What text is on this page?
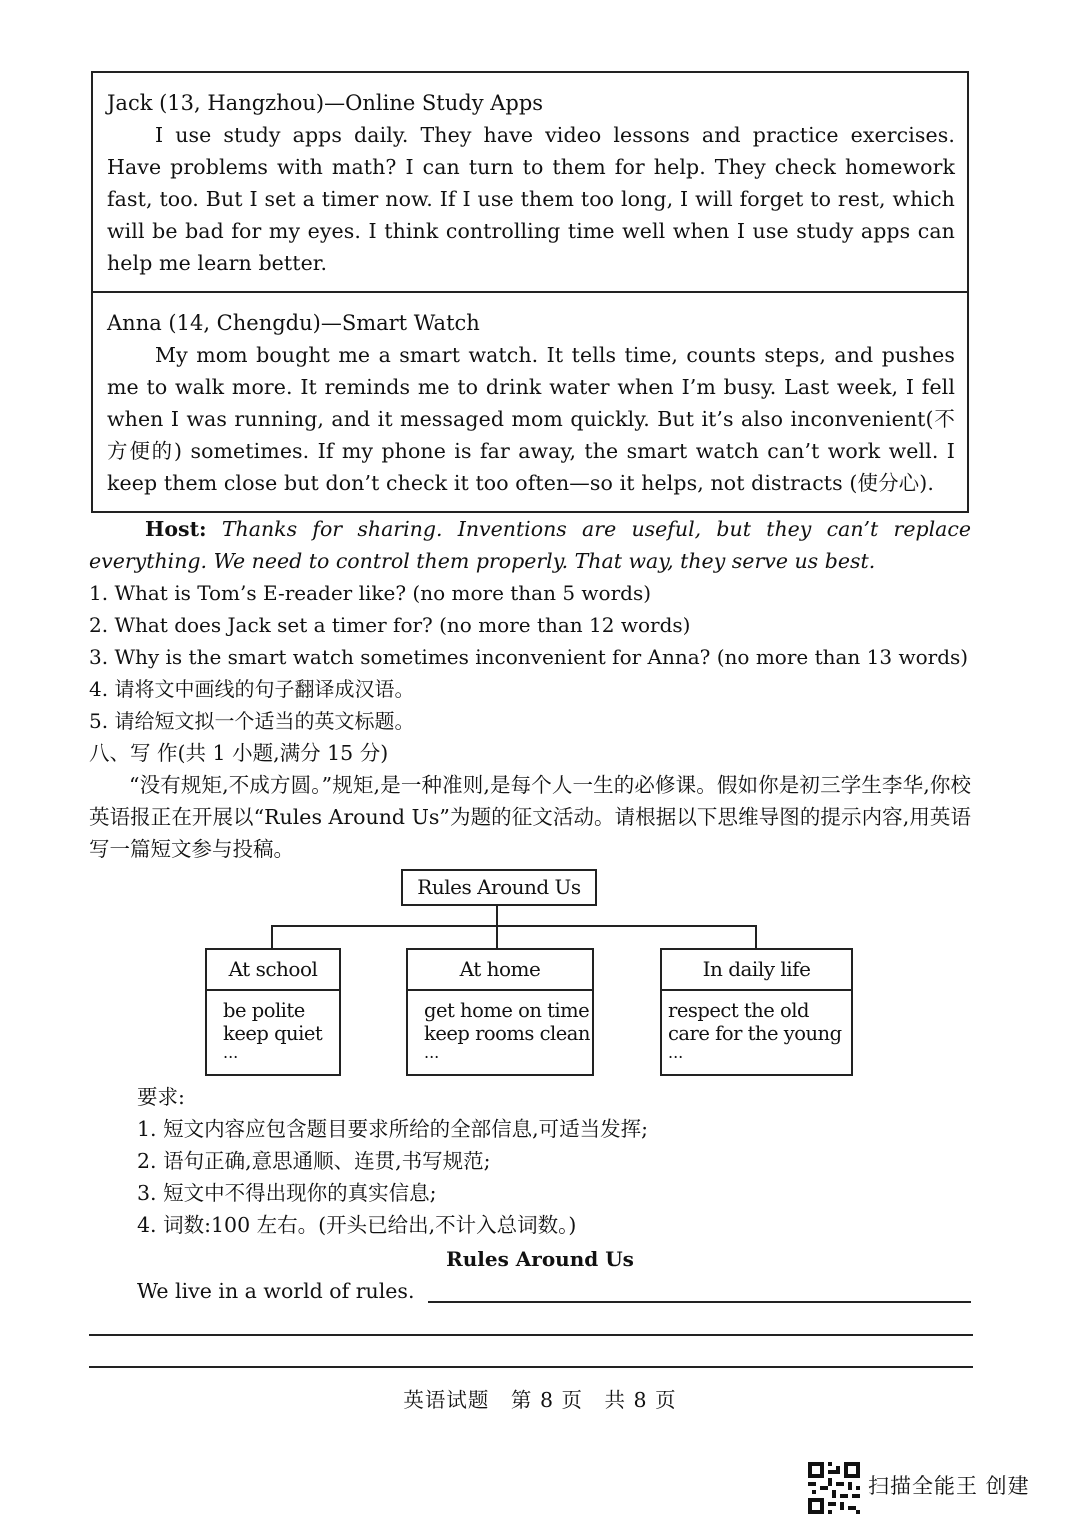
Jack (13, Hangzhou)—Online Study Apps
I use study apps daily. They have video lessons and practice exercises. Have problems with math? I can turn to them for help. They check homework fast, too. But I set a timer now. If I use them too long, I will forget to rest, which will be bad for my eyes. I think controlling time well when I use study apps can help me learn better.
Anna (14, Chengdu)—Smart Watch
My mom bought me a smart watch. It tells time, counts steps, and pushes me to walk more. It reminds me to drink water when I’m busy. Last week, I fell when I was running, and it messaged mom quickly. But it’s also inconvenient(不方便的) sometimes. If my phone is far away, the smart watch can’t work well. I keep them close but don’t check it too often—so it helps, not distracts (使分心).
Host: Thanks for sharing. Inventions are useful, but they can’t replace everything. We need to control them properly. That way, they serve us best.
1. What is Tom’s E-reader like? (no more than 5 words)
2. What does Jack set a timer for? (no more than 12 words)
3. Why is the smart watch sometimes inconvenient for Anna? (no more than 13 words)
4. 请将文中画线的句子翻译成汉语。
5. 请给短文拟一个适当的英文标题。
八、写 作(共 1 小题,满分 15 分)
“没有规矩,不成方圆。”规矩,是一种准则,是每个人一生的必修课。假如你是初三学生李华,你校英语报正在开展以“Rules Around Us”为题的征文活动。请根据以下思维导图的提示内容,用英语写一篇短文参与投稿。
Rules Around Us
At school
be polite
keep quiet
...
At home
get home on time
keep rooms clean
...
In daily life
respect the old
care for the young
...
要求:
1. 短文内容应包含题目要求所给的全部信息,可适当发挥;
2. 语句正确,意思通顺、连贯,书写规范;
3. 短文中不得出现你的真实信息;
4. 词数:100 左右。(开头已给出,不计入总词数。)
Rules Around Us
We live in a world of rules.
英语试题　第 8 页　共 8 页
扫描全能王 创建
